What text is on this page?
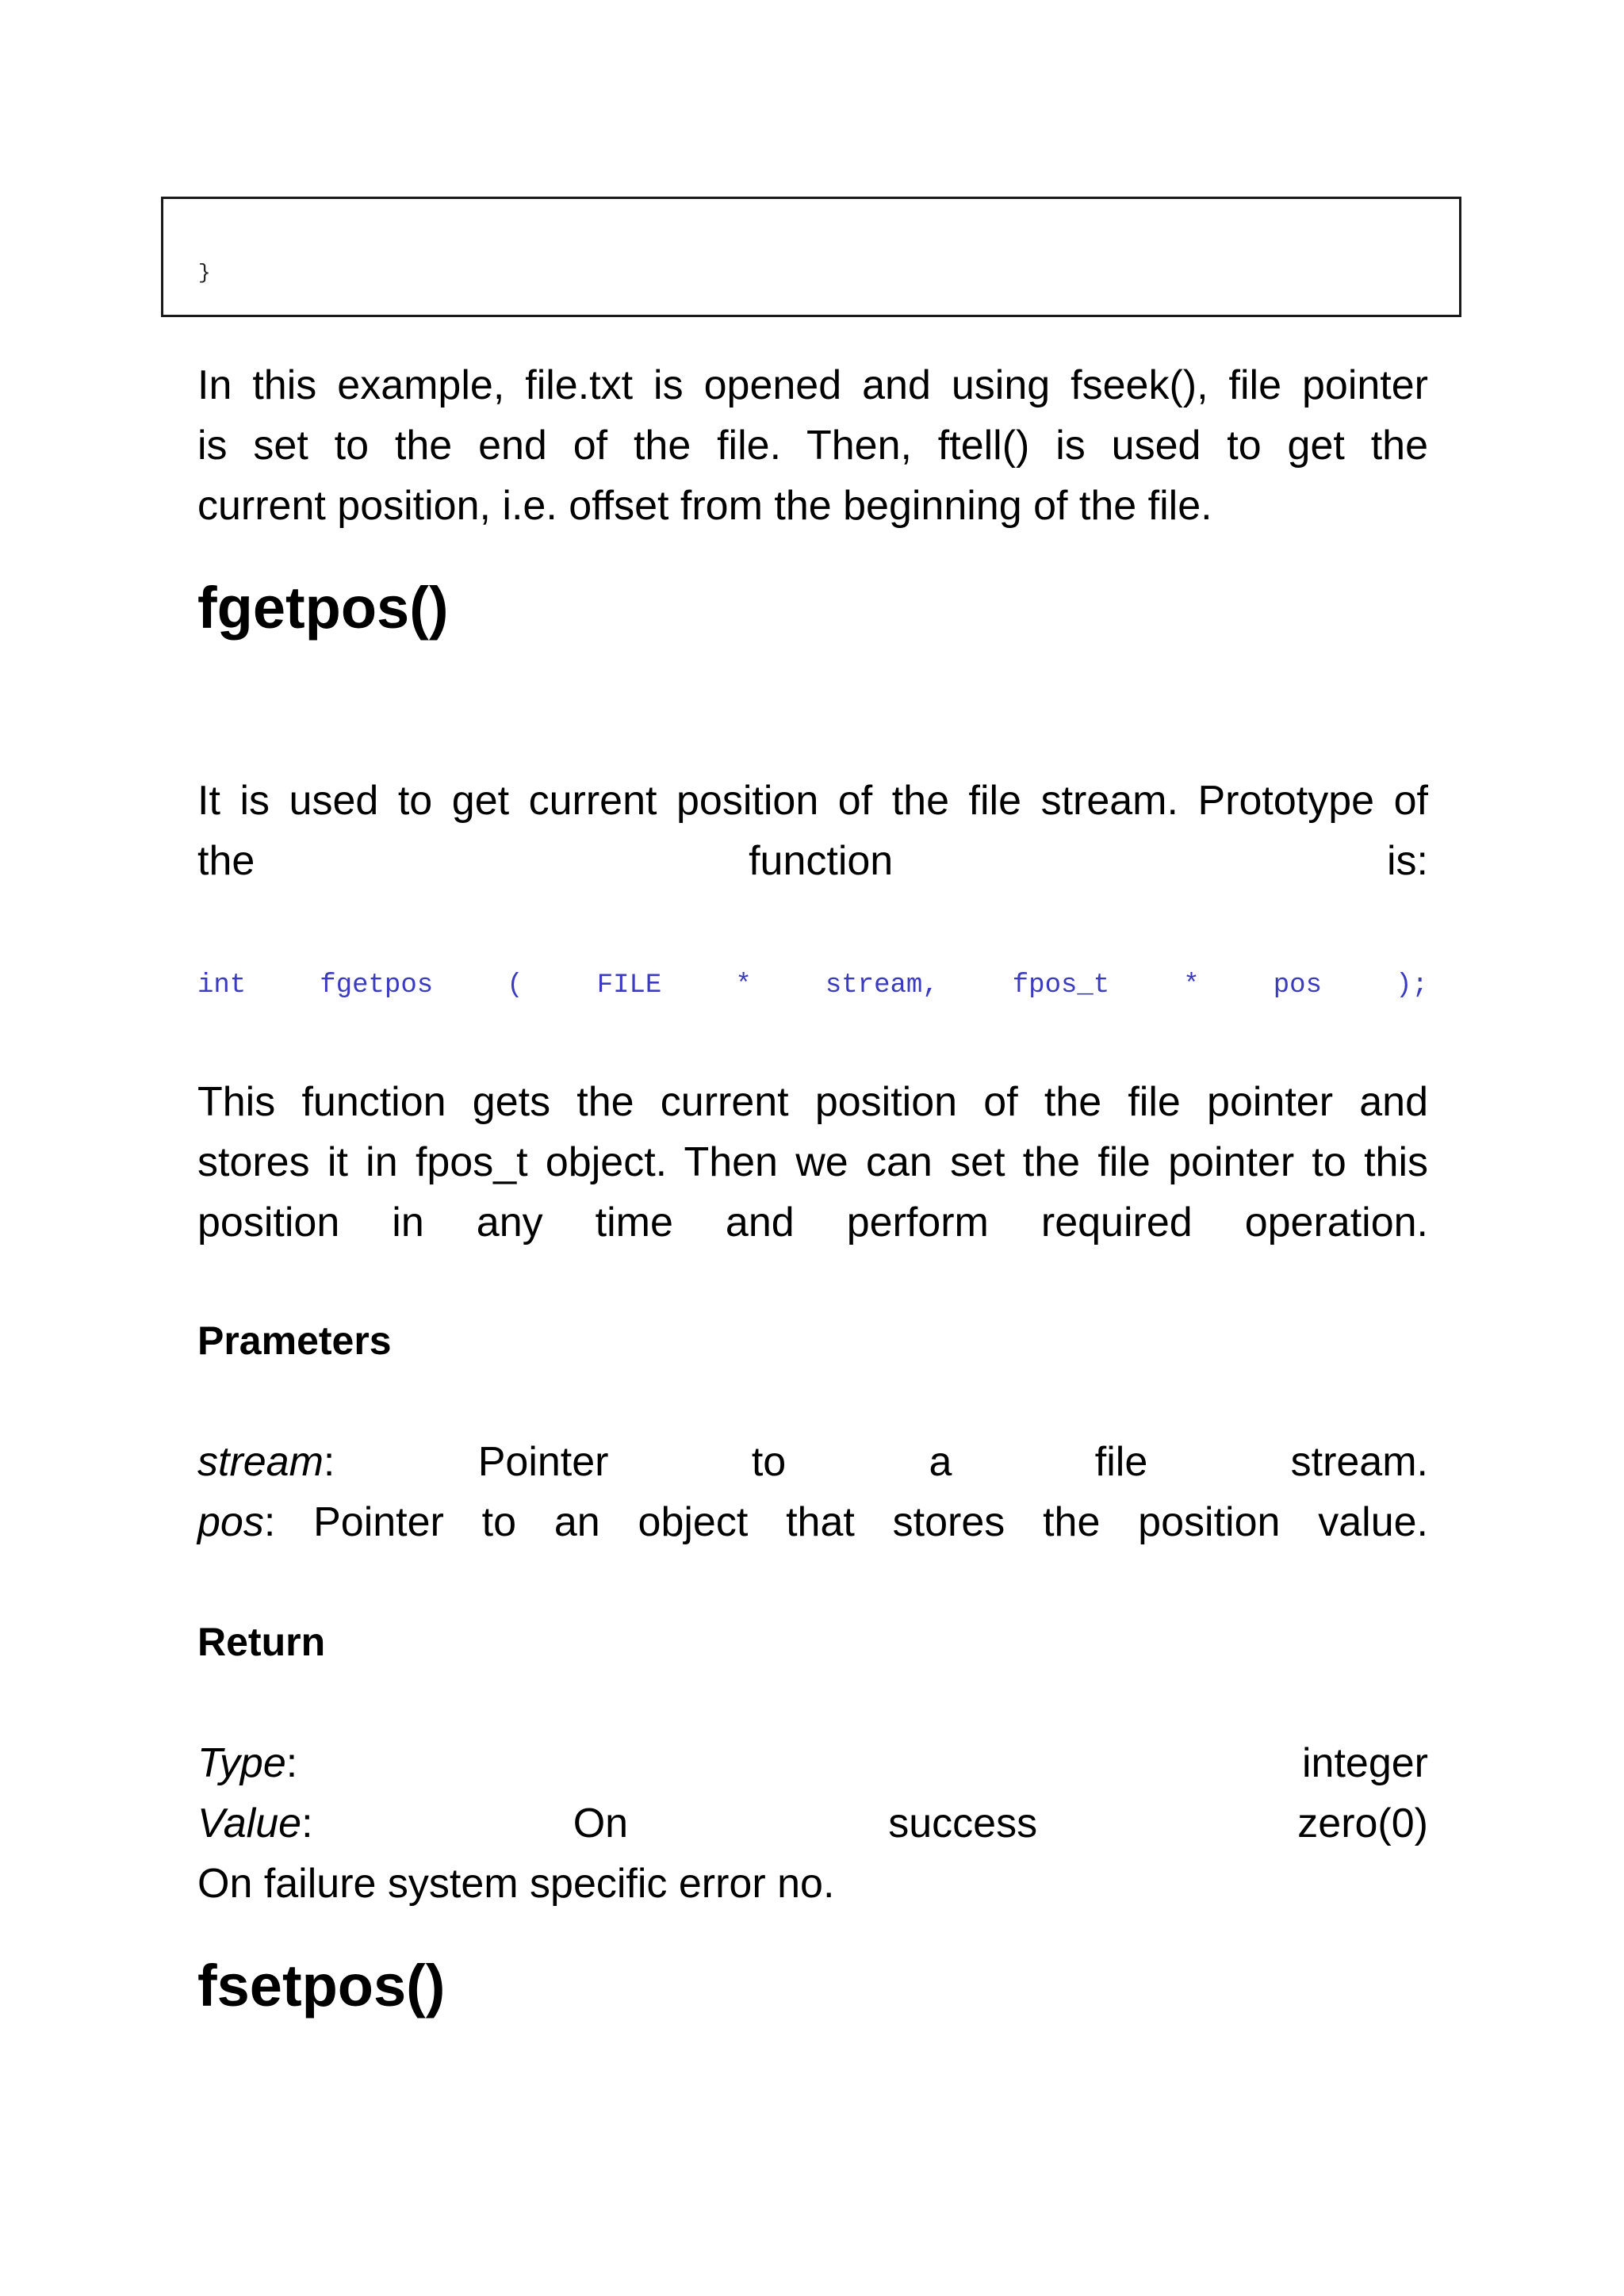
}

In this example, file.txt is opened and using fseek(), file pointer
is set to the end of the file. Then, ftell() is used to get the
current position, i.e. offset from the beginning of the file.

fgetpos()

It is used to get current position of the file stream. Prototype of
the function is:

int	fgetpos	(	FILE	*	stream,	fpos_t	*	pos	);

This function gets the current position of the file pointer and
stores it in fpos_t object. Then we can set the file pointer to this
position in any time and perform required operation.

Prameters

stream: Pointer to a file stream.
pos: Pointer to an object that stores the position value.

Return

Type: integer
Value: On success zero(0)
On failure system specific error no.

fsetpos()
